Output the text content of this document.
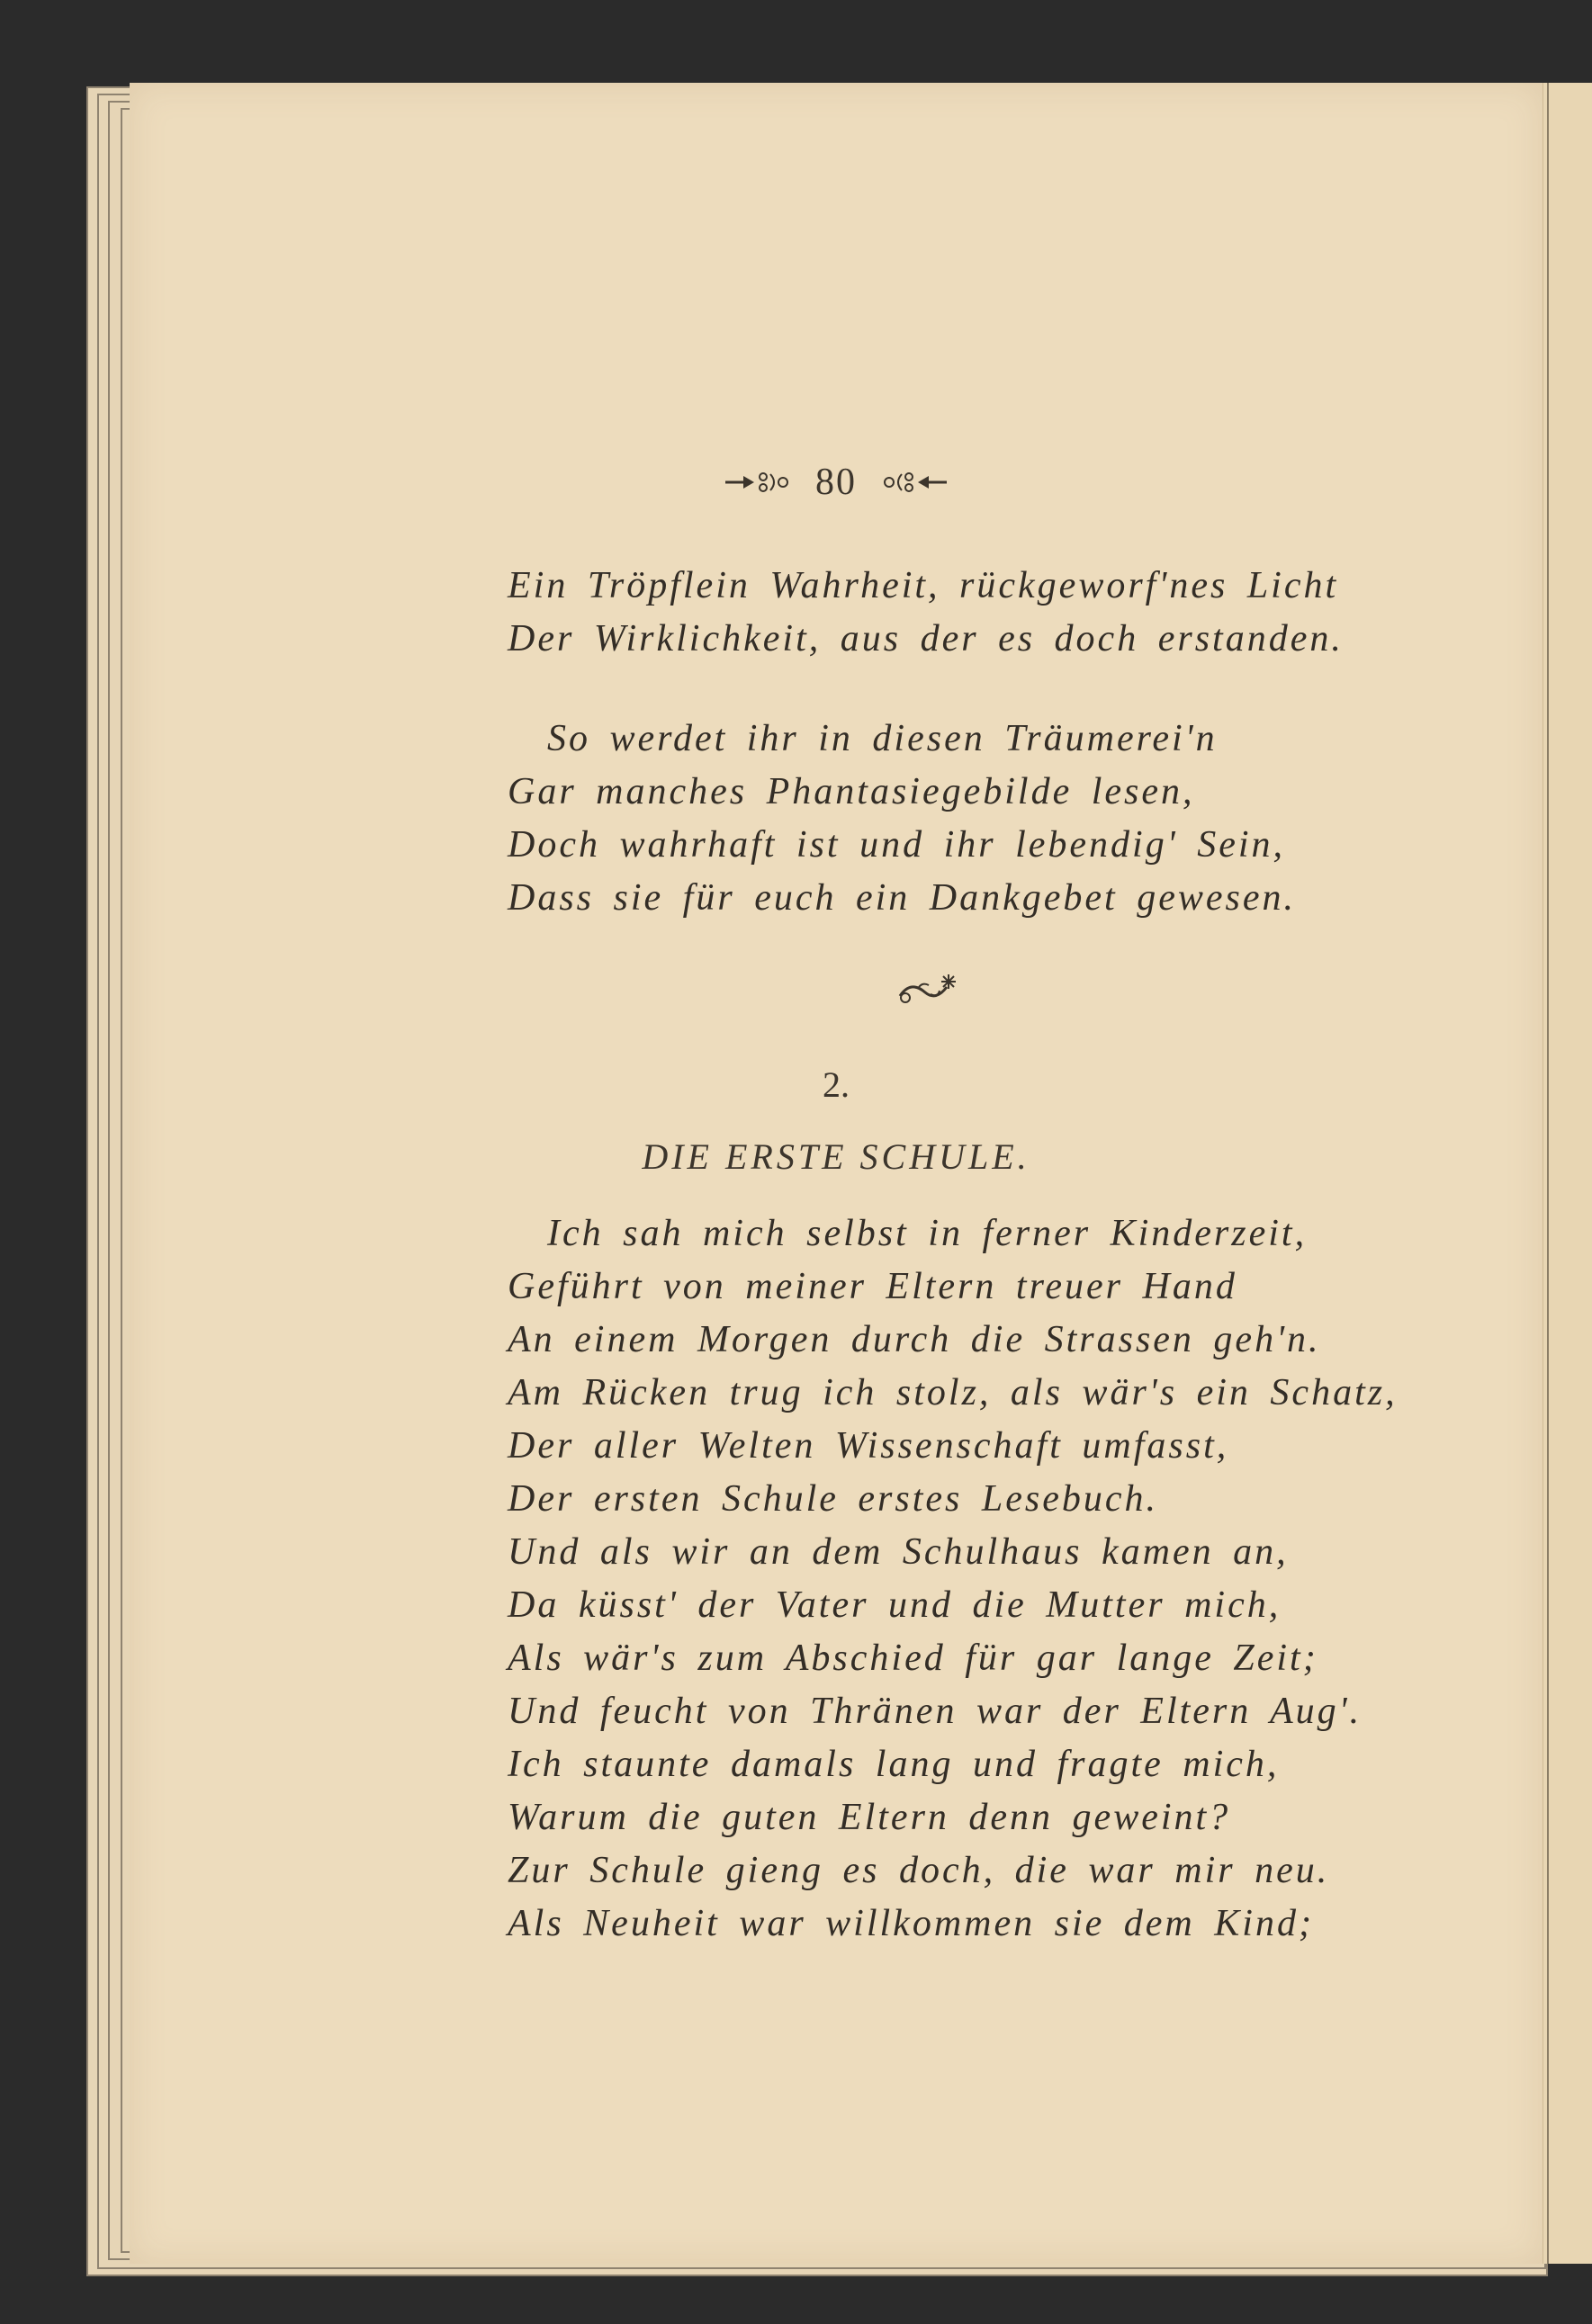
80
Ein Tröpflein Wahrheit, rückgeworf'nes Licht
Der Wirklichkeit, aus der es doch erstanden.
So werdet ihr in diesen Träumerei'n
Gar manches Phantasiegebilde lesen,
Doch wahrhaft ist und ihr lebendig' Sein,
Dass sie für euch ein Dankgebet gewesen.
2.
DIE ERSTE SCHULE.
Ich sah mich selbst in ferner Kinderzeit,
Geführt von meiner Eltern treuer Hand
An einem Morgen durch die Strassen geh'n.
Am Rücken trug ich stolz, als wär's ein Schatz,
Der aller Welten Wissenschaft umfasst,
Der ersten Schule erstes Lesebuch.
Und als wir an dem Schulhaus kamen an,
Da küsst' der Vater und die Mutter mich,
Als wär's zum Abschied für gar lange Zeit;
Und feucht von Thränen war der Eltern Aug'.
Ich staunte damals lang und fragte mich,
Warum die guten Eltern denn geweint?
Zur Schule gieng es doch, die war mir neu.
Als Neuheit war willkommen sie dem Kind;
